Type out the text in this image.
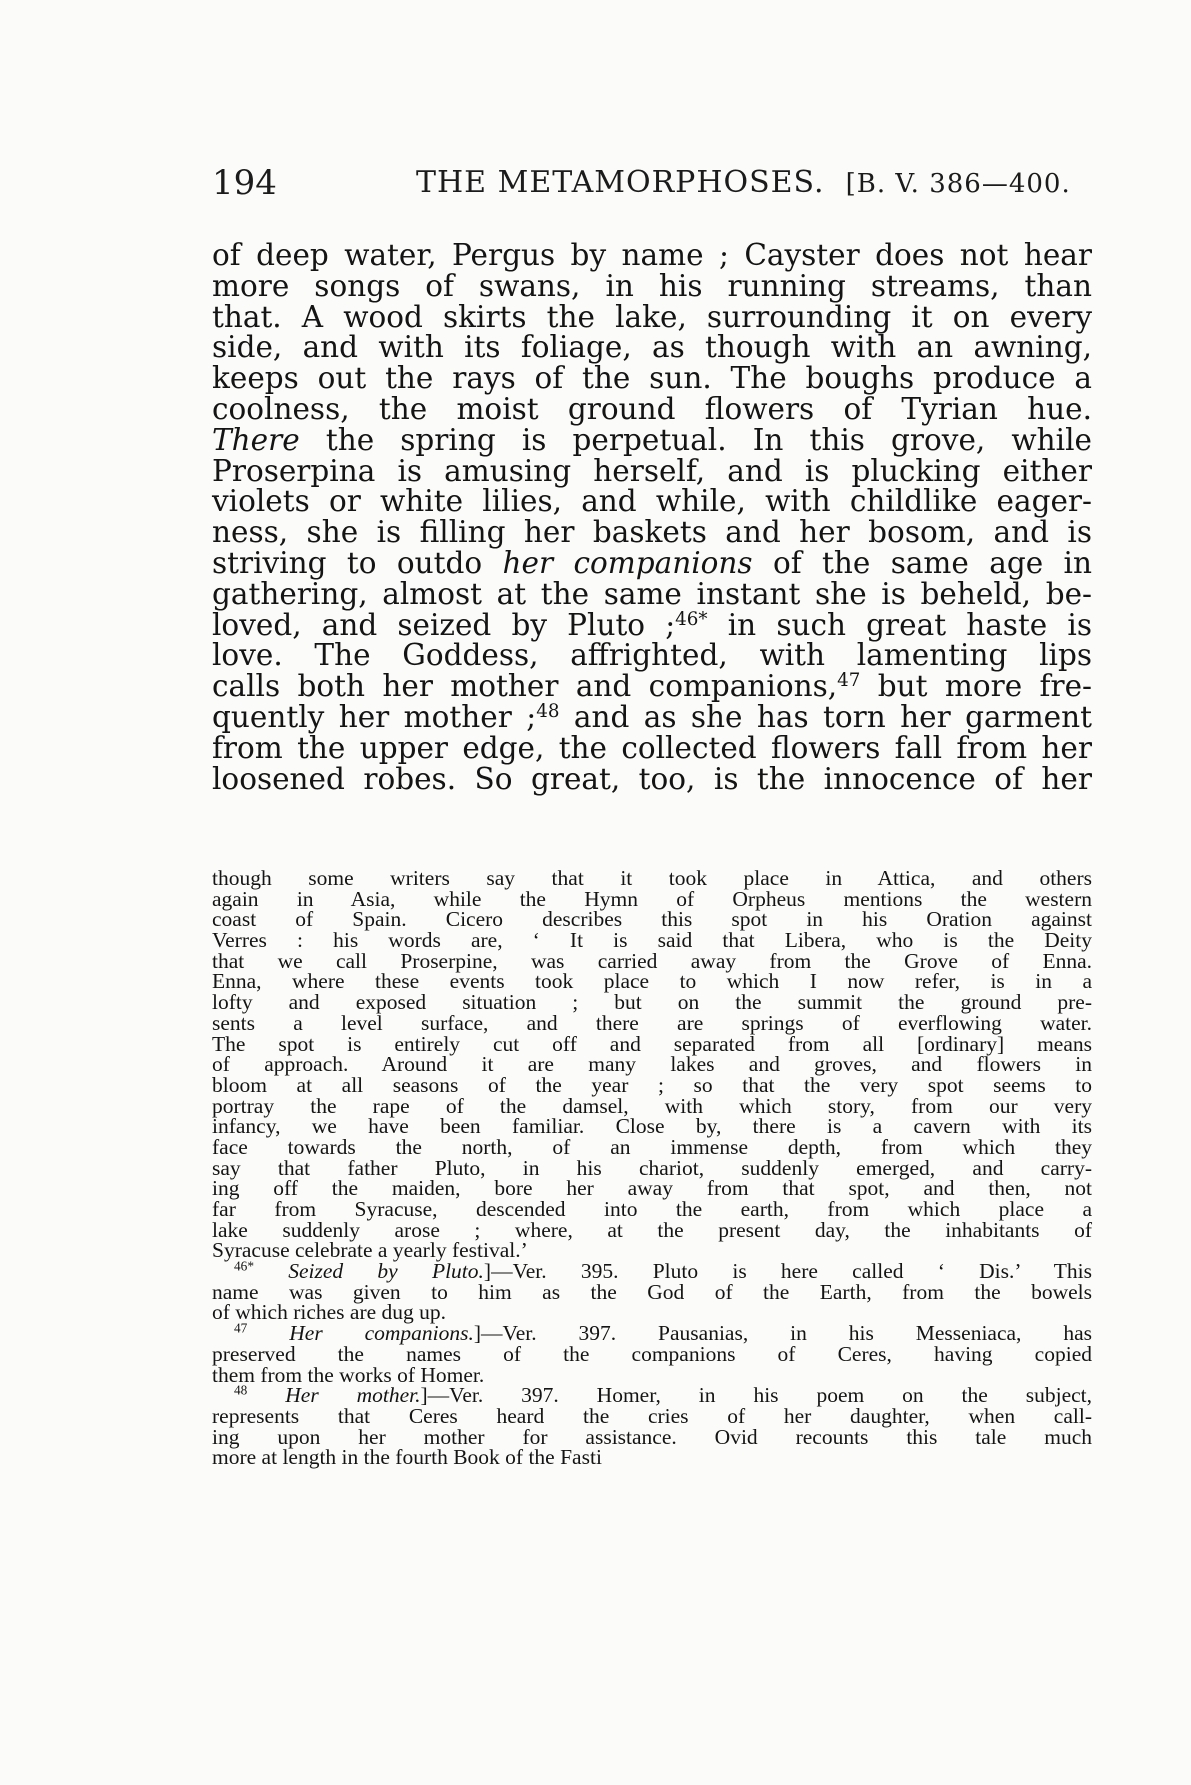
194	THE METAMORPHOSES. [B. V. 386—400.
of deep water, Pergus by name ; Cayster does not hear
more songs of swans, in his running streams, than
that. A wood skirts the lake, surrounding it on every
side, and with its foliage, as though with an awning,
keeps out the rays of the sun. The boughs produce a
coolness, the moist ground flowers of Tyrian hue.
There the spring is perpetual. In this grove, while
Proserpina is amusing herself, and is plucking either
violets or white lilies, and while, with childlike eager-
ness, she is filling her baskets and her bosom, and is
striving to outdo her companions of the same age in
gathering, almost at the same instant she is beheld, be-
loved, and seized by Pluto ;$^{46*}$ in such great haste is
love. The Goddess, affrighted, with lamenting lips
calls both her mother and companions,$^{47}$ but more fre-
quently her mother ;$^{48}$ and as she has torn her garment
from the upper edge, the collected flowers fall from her
loosened robes. So great, too, is the innocence of her
though some writers say that it took place in Attica, and others
again in Asia, while the Hymn of Orpheus mentions the western
coast of Spain. Cicero describes this spot in his Oration against
Verres : his words are, ‘ It is said that Libera, who is the Deity
that we call Proserpine, was carried away from the Grove of Enna.
Enna, where these events took place to which I now refer, is in a
lofty and exposed situation ; but on the summit the ground pre-
sents a level surface, and there are springs of everflowing water.
The spot is entirely cut off and separated from all [ordinary] means
of approach. Around it are many lakes and groves, and flowers in
bloom at all seasons of the year ; so that the very spot seems to
portray the rape of the damsel, with which story, from our very
infancy, we have been familiar. Close by, there is a cavern with its
face towards the north, of an immense depth, from which they
say that father Pluto, in his chariot, suddenly emerged, and carry-
ing off the maiden, bore her away from that spot, and then, not
far from Syracuse, descended into the earth, from which place a
lake suddenly arose ; where, at the present day, the inhabitants of
Syracuse celebrate a yearly festival.’
$^{46*}$ Seized by Pluto.]—Ver. 395. Pluto is here called ‘ Dis.’ This
name was given to him as the God of the Earth, from the bowels
of which riches are dug up.
$^{47}$ Her companions.]—Ver. 397. Pausanias, in his Messeniaca, has
preserved the names of the companions of Ceres, having copied
them from the works of Homer.
$^{48}$ Her mother.]—Ver. 397. Homer, in his poem on the subject,
represents that Ceres heard the cries of her daughter, when call-
ing upon her mother for assistance. Ovid recounts this tale much
more at length in the fourth Book of the Fasti
